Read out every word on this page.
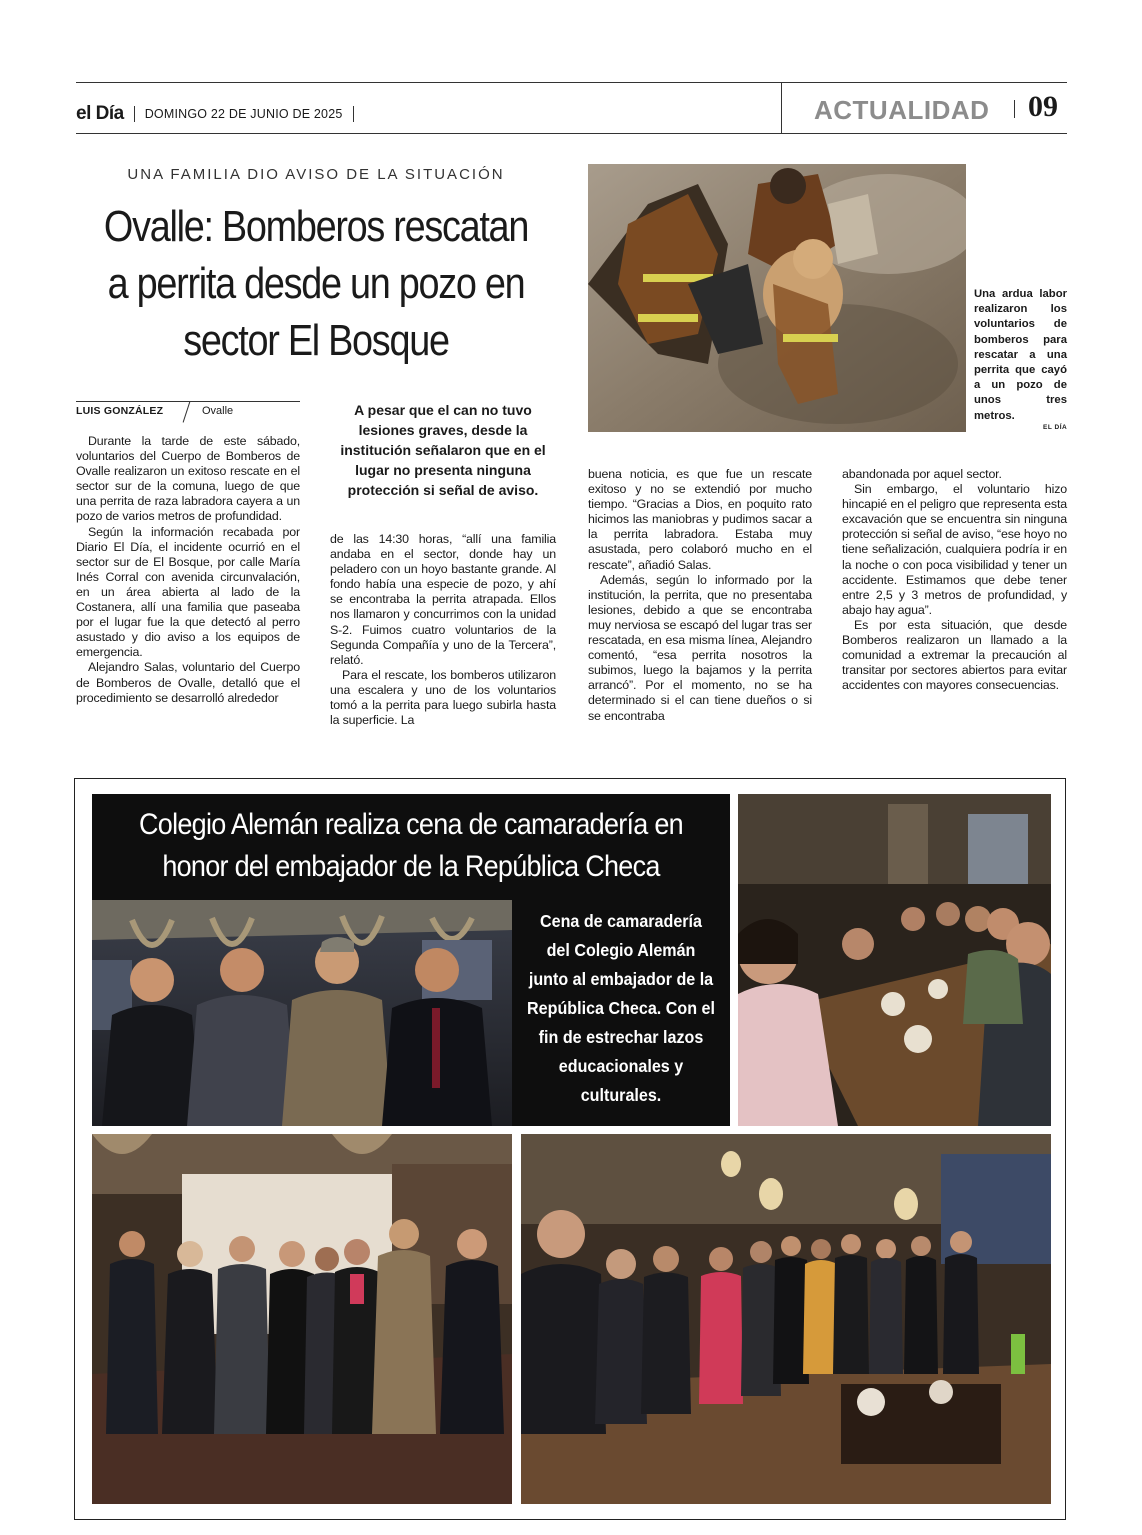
el Día DOMINGO 22 DE JUNIO DE 2025	ACTUALIDAD 09
UNA FAMILIA DIO AVISO DE LA SITUACIÓN
Ovalle: Bomberos rescatan
a perrita desde un pozo en
sector El Bosque
LUIS GONZÁLEZ	Ovalle

Durante la tarde de este sábado, voluntarios del Cuerpo de Bomberos de Ovalle realizaron un exitoso rescate en el sector sur de la comuna, luego de que una perrita de raza labradora cayera a un pozo de varios metros de profundidad.

Según la información recabada por Diario El Día, el incidente ocurrió en el sector sur de El Bosque, por calle María Inés Corral con avenida circunvalación, en un área abierta al lado de la Costanera, allí una familia que paseaba por el lugar fue la que detectó al perro asustado y dio aviso a los equipos de emergencia.

Alejandro Salas, voluntario del Cuerpo de Bomberos de Ovalle, detalló que el procedimiento se desarrolló alrededor

A pesar que el can no tuvo lesiones graves, desde la institución señalaron que en el lugar no presenta ninguna protección si señal de aviso.

de las 14:30 horas, “allí una familia andaba en el sector, donde hay un peladero con un hoyo bastante grande. Al fondo había una especie de pozo, y ahí se encontraba la perrita atrapada. Ellos nos llamaron y concurrimos con la unidad S-2. Fuimos cuatro voluntarios de la Segunda Compañía y uno de la Tercera”, relató.

Para el rescate, los bomberos utilizaron una escalera y uno de los voluntarios tomó a la perrita para luego subirla hasta la superficie. La

buena noticia, es que fue un rescate exitoso y no se extendió por mucho tiempo. “Gracias a Dios, en poquito rato hicimos las maniobras y pudimos sacar a la perrita labradora. Estaba muy asustada, pero colaboró mucho en el rescate”, añadió Salas.

Además, según lo informado por la institución, la perrita, que no presentaba lesiones, debido a que se encontraba muy nerviosa se escapó del lugar tras ser rescatada, en esa misma línea, Alejandro comentó, “esa perrita nosotros la subimos, luego la bajamos y la perrita arrancó”. Por el momento, no se ha determinado si el can tiene dueños o si se encontraba

abandonada por aquel sector.

Sin embargo, el voluntario hizo hincapié en el peligro que representa esta excavación que se encuentra sin ninguna protección si señal de aviso, “ese hoyo no tiene señalización, cualquiera podría ir en la noche o con poca visibilidad y tener un accidente. Estimamos que debe tener entre 2,5 y 3 metros de profundidad, y abajo hay agua”.

Es por esta situación, que desde Bomberos realizaron un llamado a la comunidad a extremar la precaución al transitar por sectores abiertos para evitar accidentes con mayores consecuencias.

Una ardua labor realizaron los voluntarios de bomberos para rescatar a una perrita que cayó a un pozo de unos tres metros.
EL DÍA
Colegio Alemán realiza cena de camaradería en
honor del embajador de la República Checa
Cena de camaradería
del Colegio Alemán
junto al embajador de la
República Checa. Con el
fin de estrechar lazos
educacionales y
culturales.
